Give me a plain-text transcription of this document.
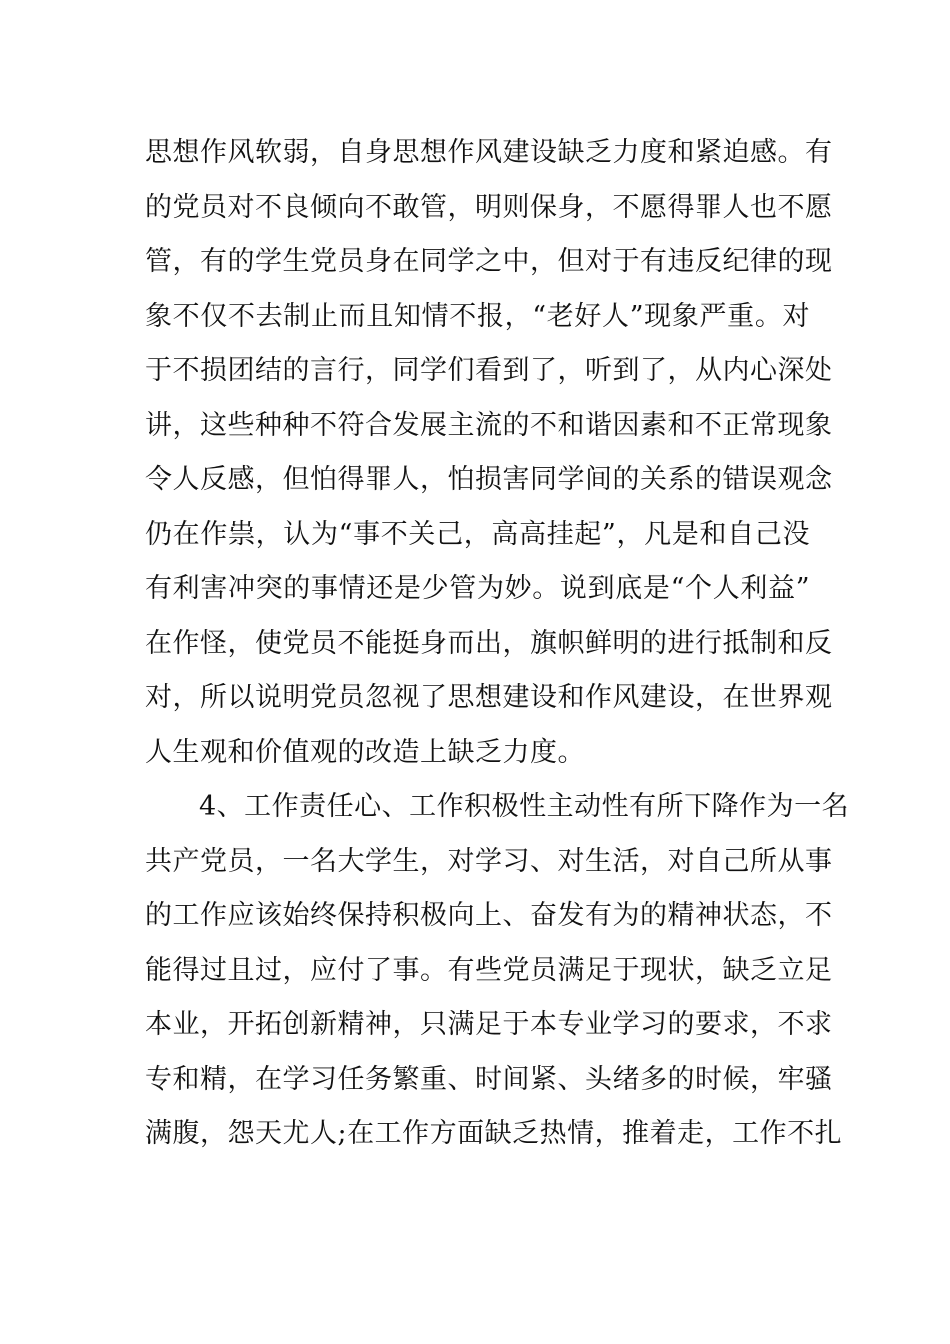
思想作风软弱，自身思想作风建设缺乏力度和紧迫感。有
的党员对不良倾向不敢管，明则保身，不愿得罪人也不愿
管，有的学生党员身在同学之中，但对于有违反纪律的现
象不仅不去制止而且知情不报，“老好人”现象严重。对
于不损团结的言行，同学们看到了，听到了，从内心深处
讲，这些种种不符合发展主流的不和谐因素和不正常现象
令人反感，但怕得罪人，怕损害同学间的关系的错误观念
仍在作祟，认为“事不关己，高高挂起”，凡是和自己没
有利害冲突的事情还是少管为妙。说到底是“个人利益”
在作怪，使党员不能挺身而出，旗帜鲜明的进行抵制和反
对，所以说明党员忽视了思想建设和作风建设，在世界观
人生观和价值观的改造上缺乏力度。
4、工作责任心、工作积极性主动性有所下降作为一名
共产党员，一名大学生，对学习、对生活，对自己所从事
的工作应该始终保持积极向上、奋发有为的精神状态，不
能得过且过，应付了事。有些党员满足于现状，缺乏立足
本业，开拓创新精神，只满足于本专业学习的要求，不求
专和精，在学习任务繁重、时间紧、头绪多的时候，牢骚
满腹，怨天尤人;在工作方面缺乏热情，推着走，工作不扎
